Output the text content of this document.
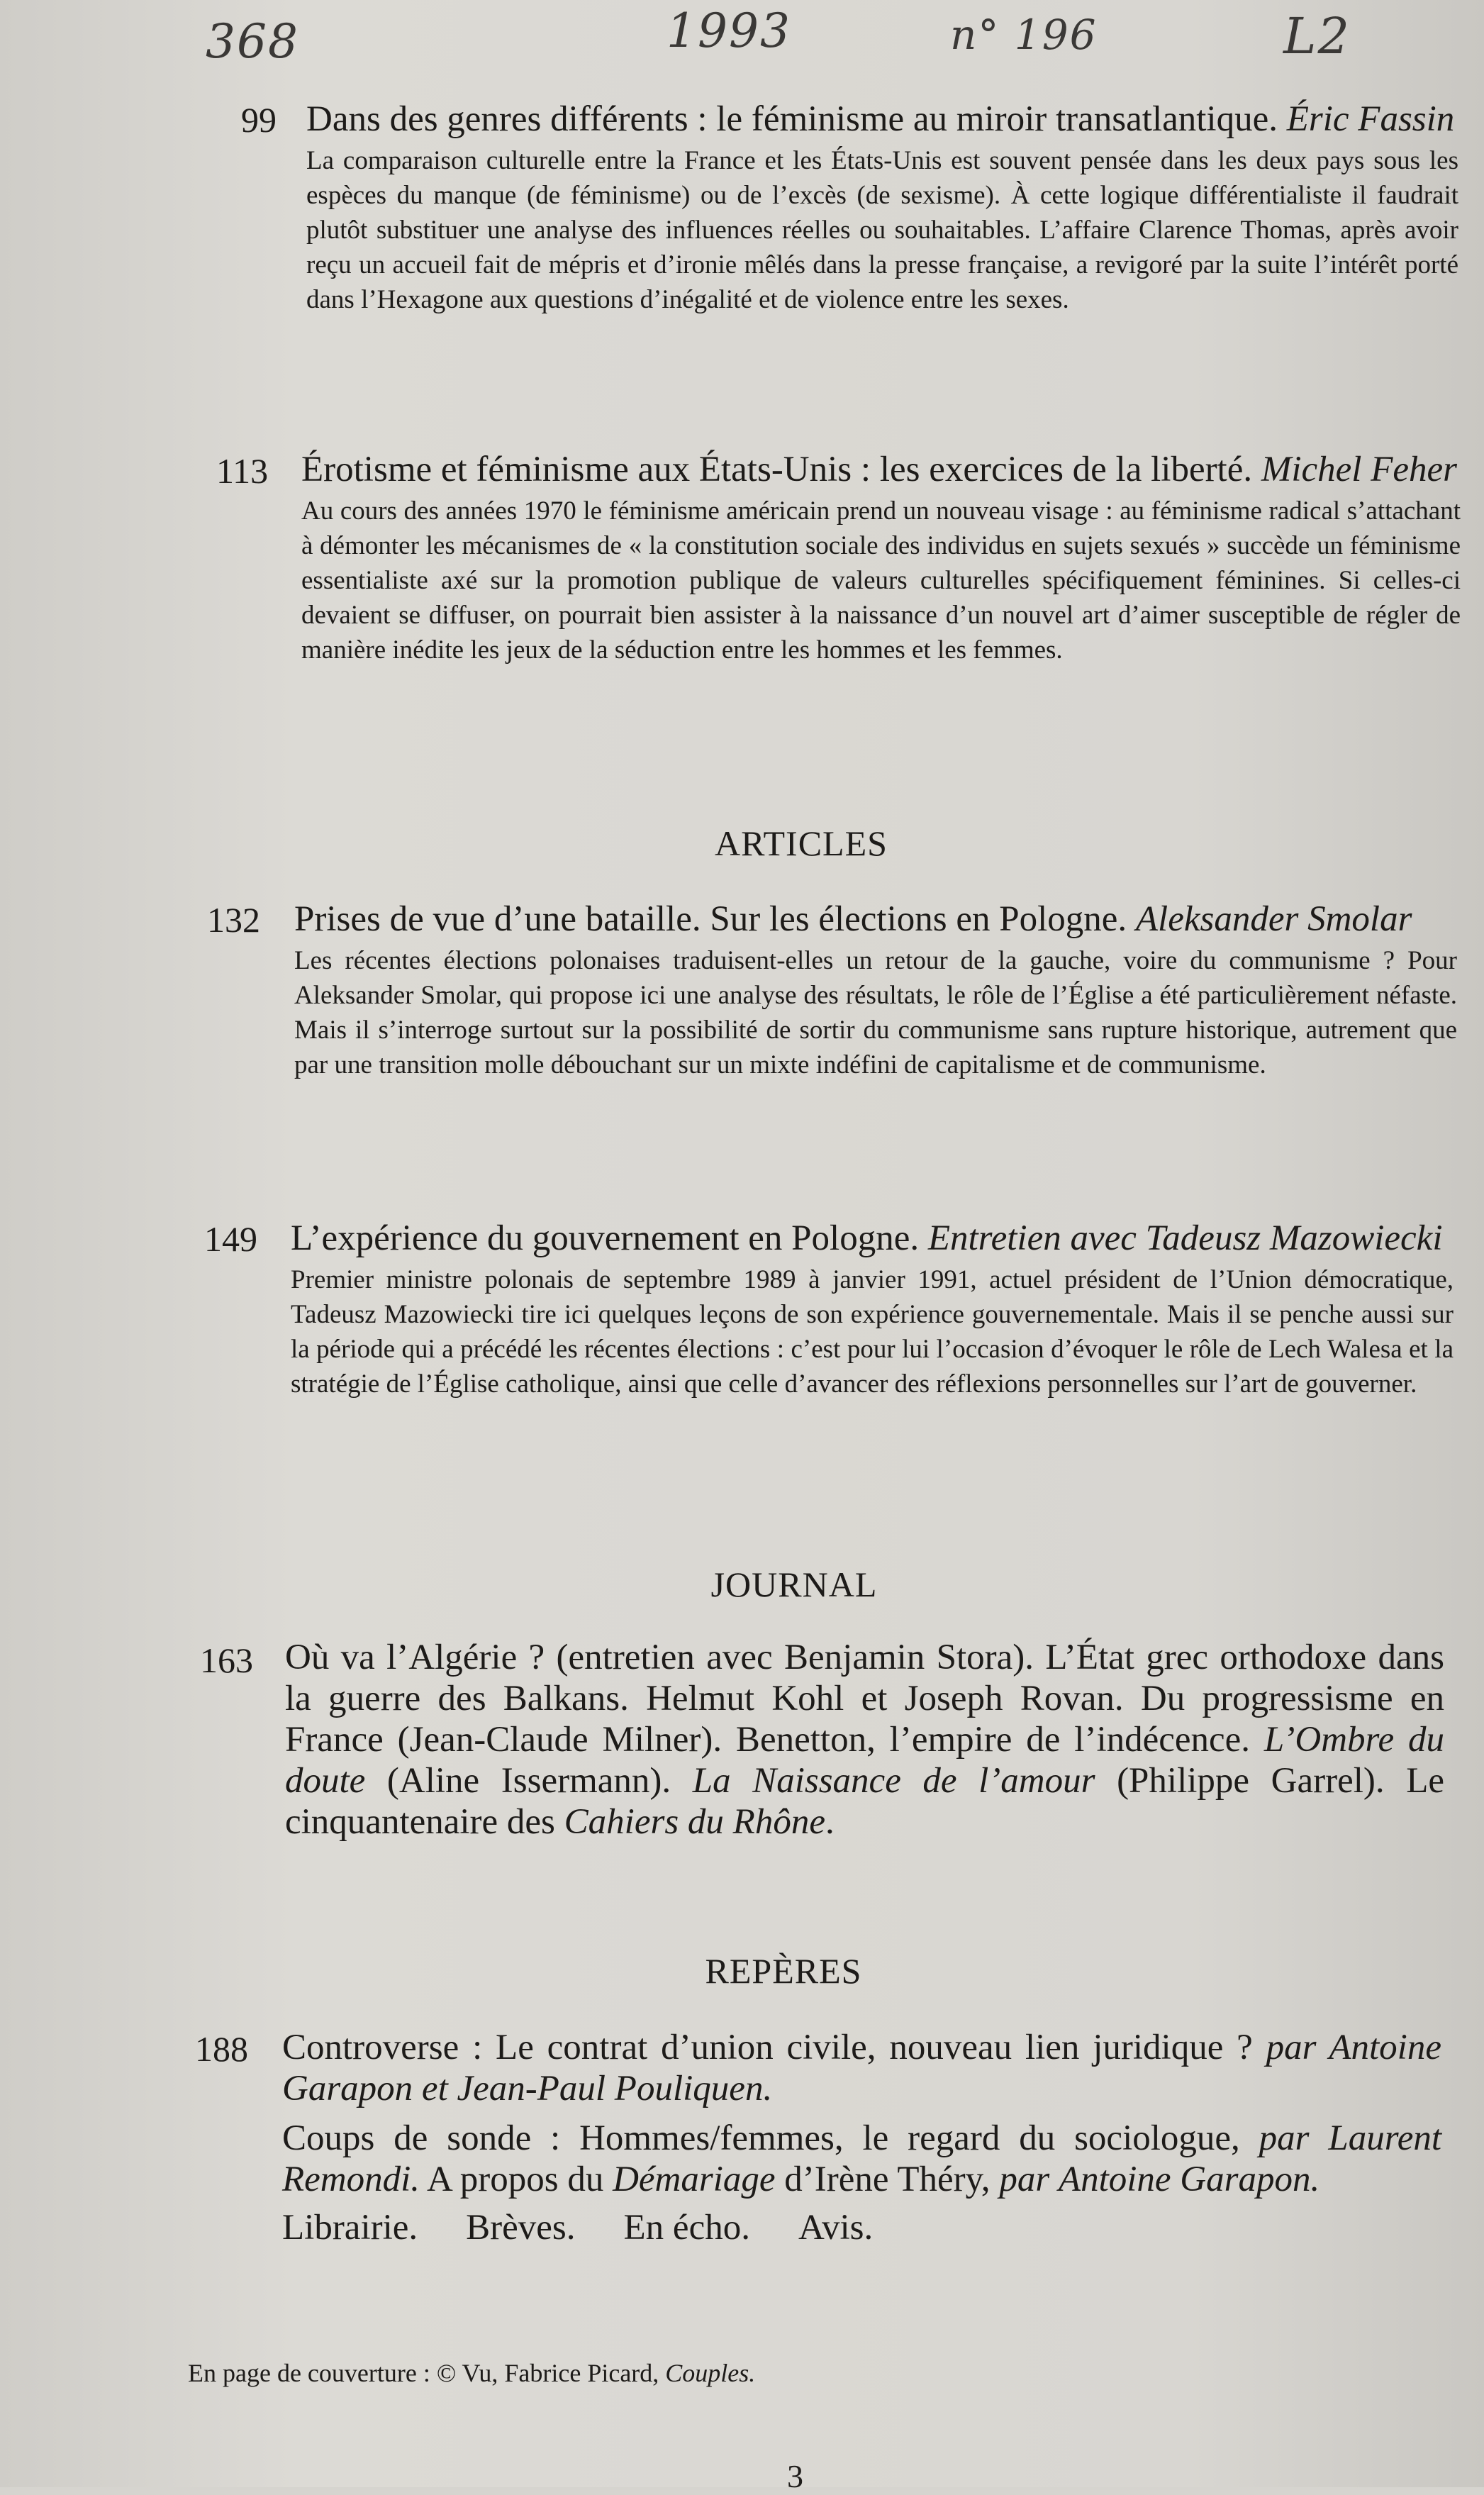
368	1993	n° 196	L2
99 Dans des genres différents : le féminisme au miroir transatlantique. Éric Fassin

La comparaison culturelle entre la France et les États-Unis est souvent pensée dans les deux pays sous les espèces du manque (de féminisme) ou de l’excès (de sexisme). À cette logique différentialiste il faudrait plutôt substituer une analyse des influences réelles ou souhaitables. L’affaire Clarence Thomas, après avoir reçu un accueil fait de mépris et d’ironie mêlés dans la presse française, a revigoré par la suite l’intérêt porté dans l’Hexagone aux questions d’inégalité et de violence entre les sexes.

113 Érotisme et féminisme aux États-Unis : les exercices de la liberté. Michel Feher

Au cours des années 1970 le féminisme américain prend un nouveau visage : au féminisme radical s’attachant à démonter les mécanismes de « la constitution sociale des individus en sujets sexués » succède un féminisme essentialiste axé sur la promotion publique de valeurs culturelles spécifiquement féminines. Si celles-ci devaient se diffuser, on pourrait bien assister à la naissance d’un nouvel art d’aimer susceptible de régler de manière inédite les jeux de la séduction entre les hommes et les femmes.

ARTICLES
132 Prises de vue d’une bataille. Sur les élections en Pologne. Aleksander Smolar

Les récentes élections polonaises traduisent-elles un retour de la gauche, voire du communisme ? Pour Aleksander Smolar, qui propose ici une analyse des résultats, le rôle de l’Église a été particulièrement néfaste. Mais il s’interroge surtout sur la possibilité de sortir du communisme sans rupture historique, autrement que par une transition molle débouchant sur un mixte indéfini de capitalisme et de communisme.

149 L’expérience du gouvernement en Pologne. Entretien avec Tadeusz Mazowiecki

Premier ministre polonais de septembre 1989 à janvier 1991, actuel président de l’Union démocratique, Tadeusz Mazowiecki tire ici quelques leçons de son expérience gouvernementale. Mais il se penche aussi sur la période qui a précédé les récentes élections : c’est pour lui l’occasion d’évoquer le rôle de Lech Walesa et la stratégie de l’Église catholique, ainsi que celle d’avancer des réflexions personnelles sur l’art de gouverner.

JOURNAL
163 Où va l’Algérie ? (entretien avec Benjamin Stora). L’État grec orthodoxe dans la guerre des Balkans. Helmut Kohl et Joseph Rovan. Du progressisme en France (Jean-Claude Milner). Benetton, l’empire de l’indécence. L’Ombre du doute (Aline Issermann). La Naissance de l’amour (Philippe Garrel). Le cinquantenaire des Cahiers du Rhône.

REPÈRES
188 Controverse : Le contrat d’union civile, nouveau lien juridique ? par Antoine Garapon et Jean-Paul Pouliquen.

Coups de sonde : Hommes/femmes, le regard du sociologue, par Laurent Remondi. A propos du Démariage d’Irène Théry, par Antoine Garapon.

Librairie. Brèves. En écho. Avis.

En page de couverture : © Vu, Fabrice Picard, Couples.
3
